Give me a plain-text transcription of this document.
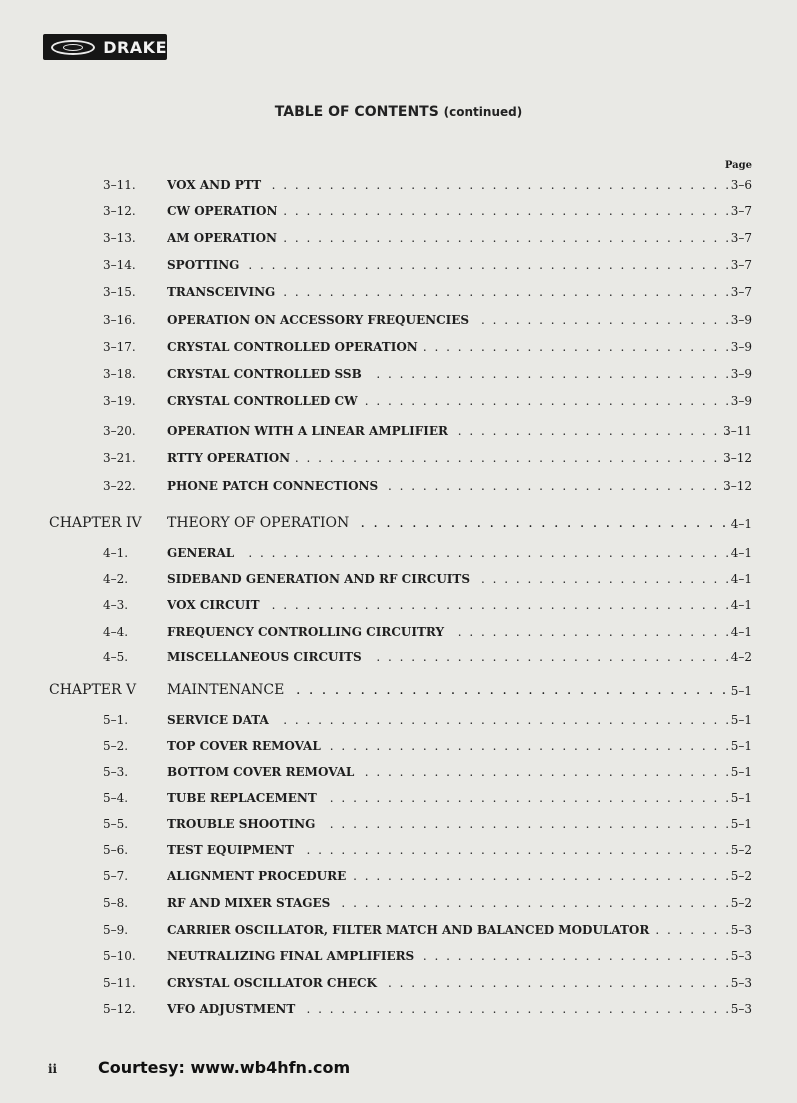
DRAKE
TABLE OF CONTENTS (continued)
Page
3–11.	VOX AND PTT . . .	3–6
3–12.	CW OPERATION . . .	3–7
3–13.	AM OPERATION . . .	3–7
3–14.	SPOTTING . . .	3–7
3–15.	TRANSCEIVING . . .	3–7
3–16.	OPERATION ON ACCESSORY FREQUENCIES . . .	3–9
3–17.	CRYSTAL CONTROLLED OPERATION . . .	3–9
3–18.	CRYSTAL CONTROLLED SSB . . .	3–9
3–19.	CRYSTAL CONTROLLED CW . . .	3–9
3–20.	OPERATION WITH A LINEAR AMPLIFIER . . .	3–11
3–21.	RTTY OPERATION . . .	3–12
3–22.	PHONE PATCH CONNECTIONS . . .	3–12
CHAPTER IV THEORY OF OPERATION . . .	4–1
4–1.	GENERAL . . .	4–1
4–2.	SIDEBAND GENERATION AND RF CIRCUITS . . .	4–1
4–3.	VOX CIRCUIT . . .	4–1
4–4.	FREQUENCY CONTROLLING CIRCUITRY . . .	4–1
4–5.	MISCELLANEOUS CIRCUITS . . .	4–2
CHAPTER V MAINTENANCE . . .	5–1
5–1.	SERVICE DATA . . .	5–1
5–2.	TOP COVER REMOVAL . . .	5–1
5–3.	BOTTOM COVER REMOVAL . . .	5–1
5–4.	TUBE REPLACEMENT . . .	5–1
5–5.	TROUBLE SHOOTING . . .	5–1
5–6.	TEST EQUIPMENT . . .	5–2
5–7.	ALIGNMENT PROCEDURE . . .	5–2
5–8.	RF AND MIXER STAGES . . .	5–2
5–9.	CARRIER OSCILLATOR, FILTER MATCH AND BALANCED MODULATOR . . .	5–3
5–10.	NEUTRALIZING FINAL AMPLIFIERS . . .	5–3
5–11.	CRYSTAL OSCILLATOR CHECK . . .	5–3
5–12.	VFO ADJUSTMENT . . .	5–3
ii	Courtesy: www.wb4hfn.com
